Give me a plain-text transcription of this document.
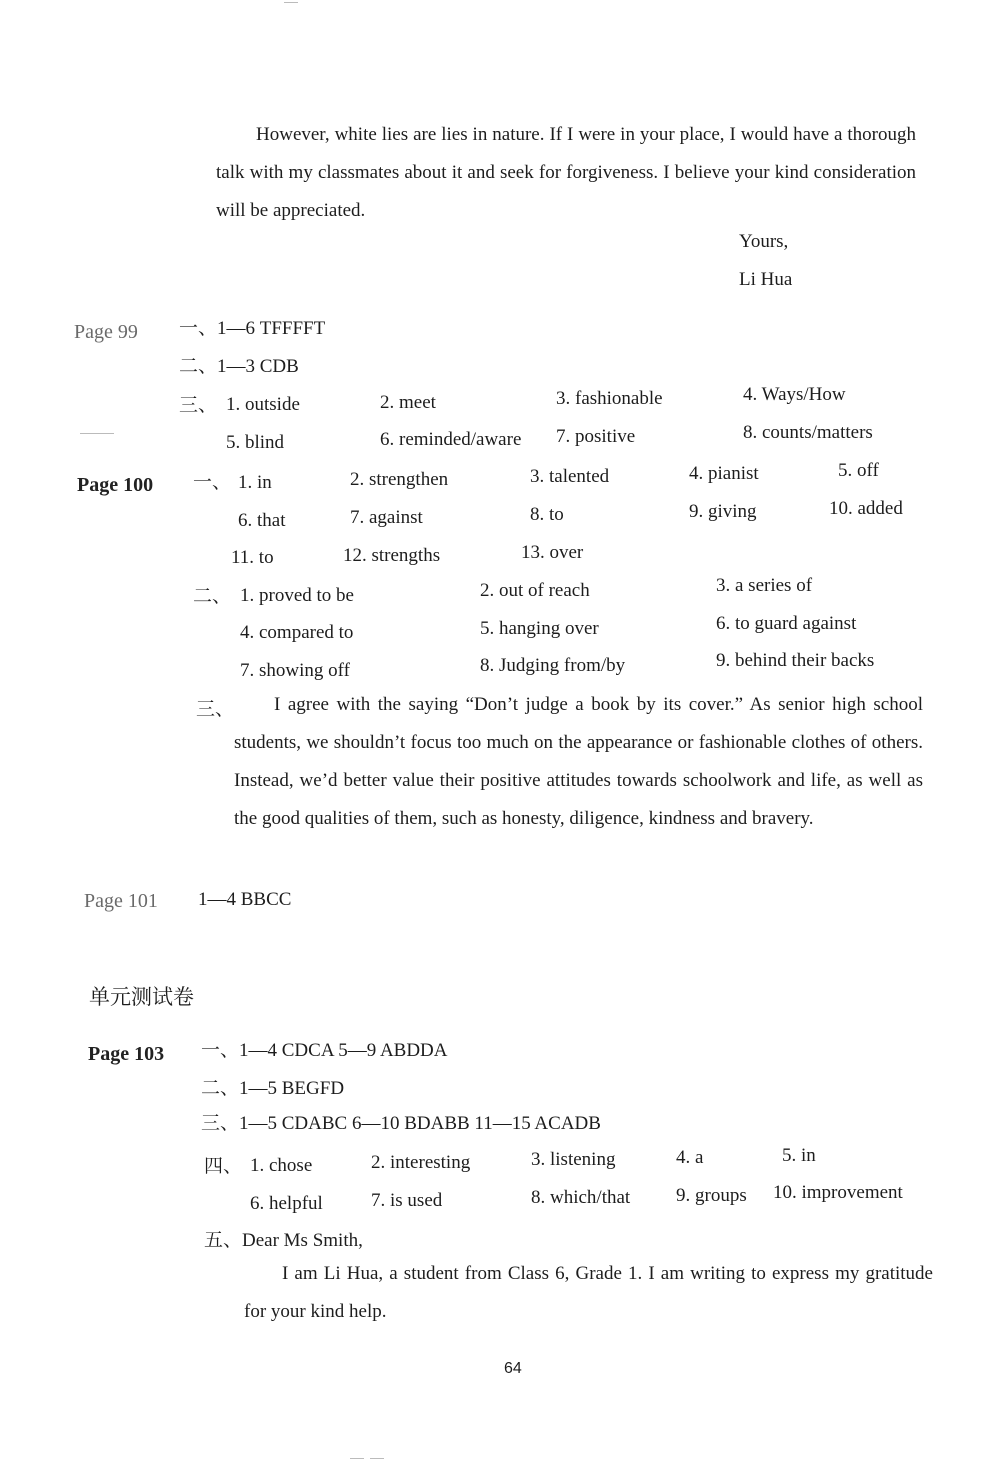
However, white lies are lies in nature. If I were in your place, I would have a thorough talk with my classmates about it and seek for forgiveness. I believe your kind consideration will be appreciated.
Yours,
Li Hua
Page 99 一、1—6 TFFFFT
二、1—3 CDB
三、 1. outside	2. meet	3. fashionable	4. Ways/How
5. blind	6. reminded/aware 7. positive	8. counts/matters
Page 100 一、 1. in	2. strengthen	3. talented	4. pianist	5. off
6. that	7. against	8. to	9. giving	10. added
11. to	12. strengths	13. over
二、 1. proved to be	2. out of reach	3. a series of
4. compared to	5. hanging over	6. to guard against
7. showing off	8. Judging from/by	9. behind their backs
三、	I agree with the saying “Don’t judge a book by its cover.” As senior high school students, we shouldn’t focus too much on the appearance or fashionable clothes of others. Instead, we’d better value their positive attitudes towards schoolwork and life, as well as the good qualities of them, such as honesty, diligence, kindness and bravery.
Page 101 1—4 BBCC
单元测试卷
Page 103 一、1—4 CDCA 5—9 ABDDA
二、1—5 BEGFD
三、1—5 CDABC 6—10 BDABB 11—15 ACADB
四、 1. chose	2. interesting	3. listening	4. a	5. in
6. helpful	7. is used	8. which/that 9. groups 10. improvement
五、Dear Ms Smith,
I am Li Hua, a student from Class 6, Grade 1. I am writing to express my gratitude for your kind help.
64
